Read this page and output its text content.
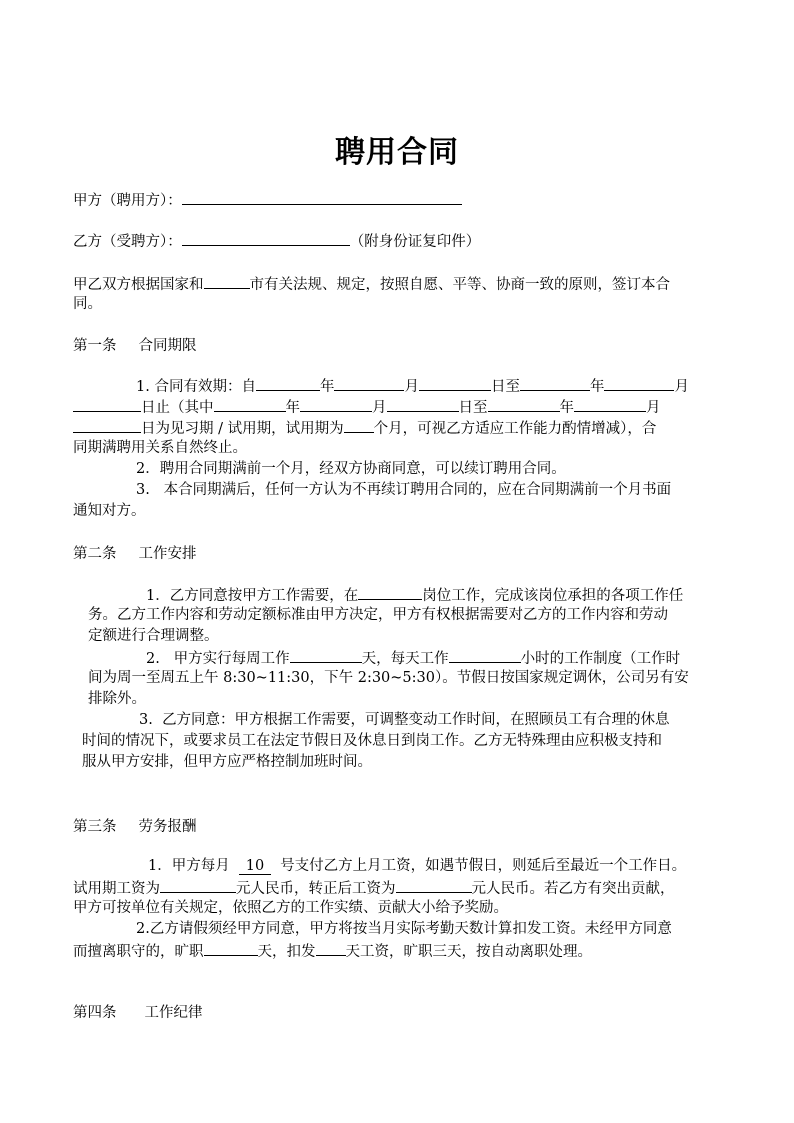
聘用合同
甲方（聘用方）：
乙方（受聘方）：	（附身份证复印件）
甲乙双方根据国家和	市有关法规、规定，按照自愿、平等、协商一致的原则，签订本合
同。
第一条 合同期限
1. 合同有效期：自	年	月	日至	年	月
日止（其中	年	月	日至	年	月
日为见习期 / 试用期，试用期为 个月，可视乙方适应工作能力酌情增减），合
同期满聘用关系自然终止。
2．聘用合同期满前一个月，经双方协商同意，可以续订聘用合同。
3. 本合同期满后，任何一方认为不再续订聘用合同的，应在合同期满前一个月书面
通知对方。
第二条 工作安排
1．乙方同意按甲方工作需要，在	岗位工作，完成该岗位承担的各项工作任
务。乙方工作内容和劳动定额标准由甲方决定，甲方有权根据需要对乙方的工作内容和劳动
定额进行合理调整。
2. 甲方实行每周工作	天，每天工作	小时的工作制度（工作时
间为周一至周五上午 8:30~11:30，下午 2:30~5:30）。节假日按国家规定调休，公司另有安
排除外。
3. 乙方同意：甲方根据工作需要，可调整变动工作时间，在照顾员工有合理的休息
时间的情况下，或要求员工在法定节假日及休息日到岗工作。乙方无特殊理由应积极支持和
服从甲方安排，但甲方应严格控制加班时间。
第三条 劳务报酬
1．甲方每月 10 号支付乙方上月工资，如遇节假日，则延后至最近一个工作日。
试用期工资为	元人民币，转正后工资为	元人民币。若乙方有突出贡献，
甲方可按单位有关规定，依照乙方的工作实绩、贡献大小给予奖励。
2.乙方请假须经甲方同意，甲方将按当月实际考勤天数计算扣发工资。未经甲方同意
而擅离职守的，旷职	天，扣发 天工资，旷职三天，按自动离职处理。
第四条 工作纪律
